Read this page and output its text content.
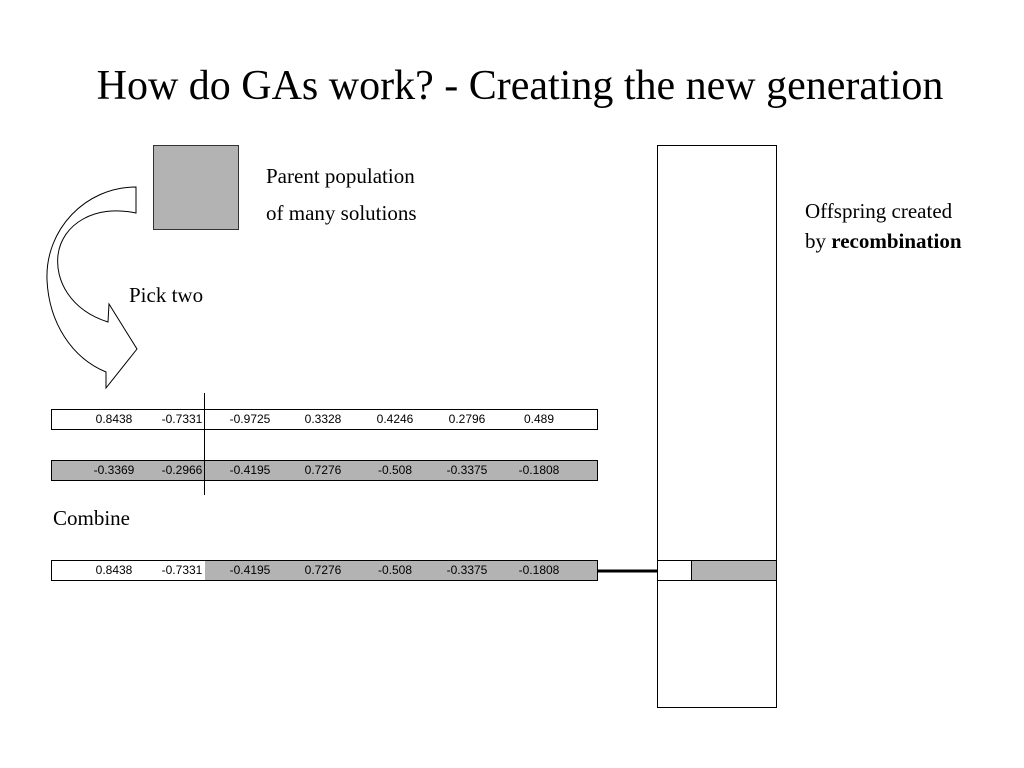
How do GAs work? - Creating the new generation
Parent population
of many solutions
Pick two
0.8438	-0.7331	-0.9725	0.3328	0.4246	0.2796	0.489
-0.3369	-0.2966	-0.4195	0.7276	-0.508	-0.3375	-0.1808
Combine
0.8438	-0.7331	-0.4195	0.7276	-0.508	-0.3375	-0.1808
Offspring created
by recombination
